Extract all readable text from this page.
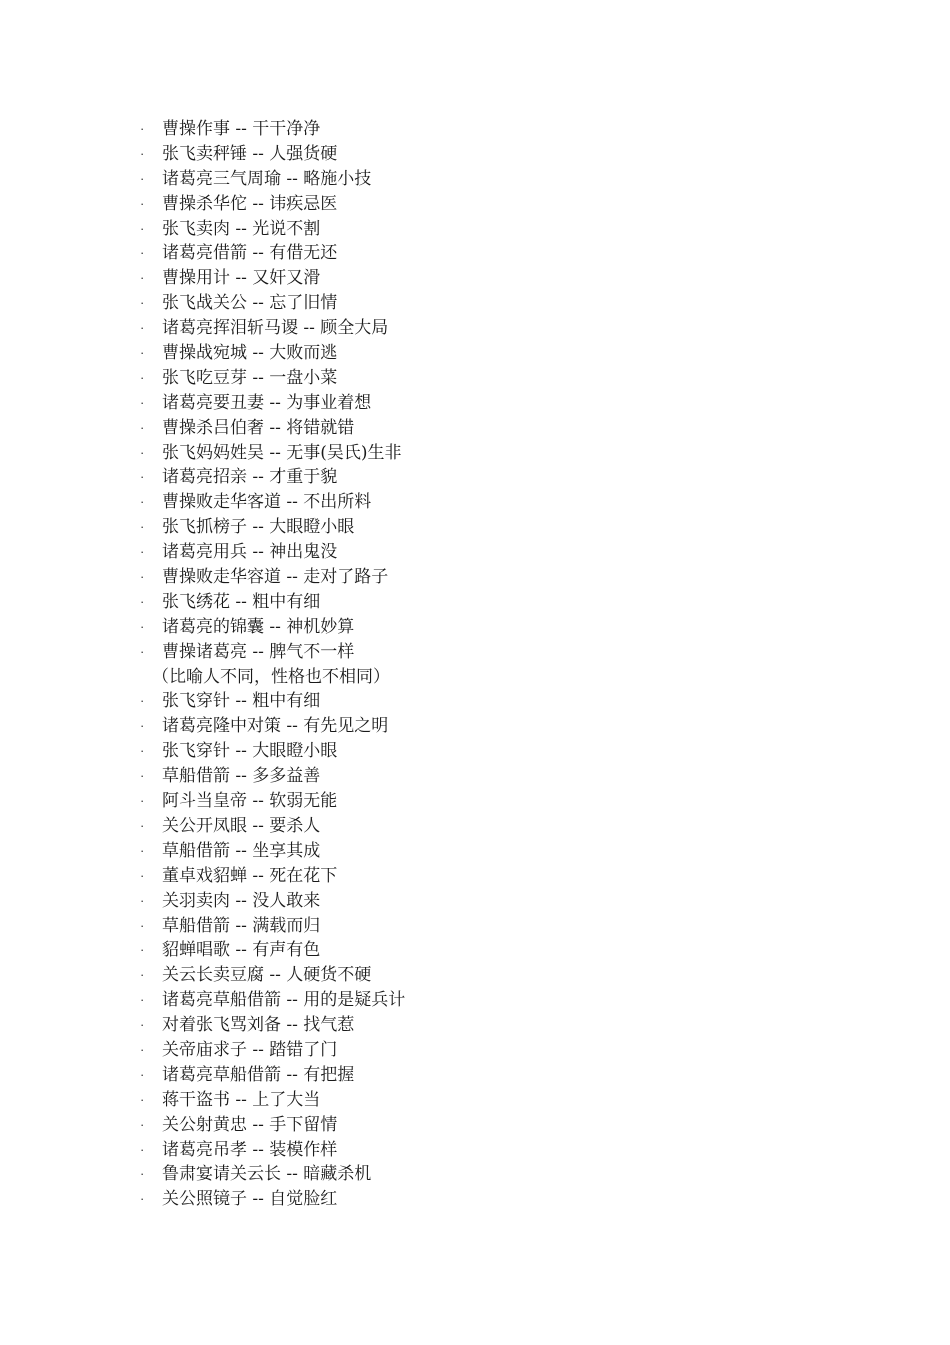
· 曹操作事 -- 干干净净
· 张飞卖秤锤 -- 人强货硬
· 诸葛亮三气周瑜 -- 略施小技
· 曹操杀华佗 -- 讳疾忌医
· 张飞卖肉 -- 光说不割
· 诸葛亮借箭 -- 有借无还
· 曹操用计 -- 又奸又滑
· 张飞战关公 -- 忘了旧情
· 诸葛亮挥泪斩马谡 -- 顾全大局
· 曹操战宛城 -- 大败而逃
· 张飞吃豆芽 -- 一盘小菜
· 诸葛亮要丑妻 -- 为事业着想
· 曹操杀吕伯奢 -- 将错就错
· 张飞妈妈姓吴 -- 无事(吴氏)生非
· 诸葛亮招亲 -- 才重于貌
· 曹操败走华客道 -- 不出所料
· 张飞抓榜子 -- 大眼瞪小眼
· 诸葛亮用兵 -- 神出鬼没
· 曹操败走华容道 -- 走对了路子
· 张飞绣花 -- 粗中有细
· 诸葛亮的锦囊 -- 神机妙算
· 曹操诸葛亮 -- 脾气不一样
（比喻人不同，性格也不相同）
· 张飞穿针 -- 粗中有细
· 诸葛亮隆中对策 -- 有先见之明
· 张飞穿针 -- 大眼瞪小眼
· 草船借箭 -- 多多益善
· 阿斗当皇帝 -- 软弱无能
· 关公开凤眼 -- 要杀人
· 草船借箭 -- 坐享其成
· 董卓戏貂蝉 -- 死在花下
· 关羽卖肉 -- 没人敢来
· 草船借箭 -- 满载而归
· 貂蝉唱歌 -- 有声有色
· 关云长卖豆腐 -- 人硬货不硬
· 诸葛亮草船借箭 -- 用的是疑兵计
· 对着张飞骂刘备 -- 找气惹
· 关帝庙求子 -- 踏错了门
· 诸葛亮草船借箭 -- 有把握
· 蒋干盗书 -- 上了大当
· 关公射黄忠 -- 手下留情
· 诸葛亮吊孝 -- 装模作样
· 鲁肃宴请关云长 -- 暗藏杀机
· 关公照镜子 -- 自觉脸红
